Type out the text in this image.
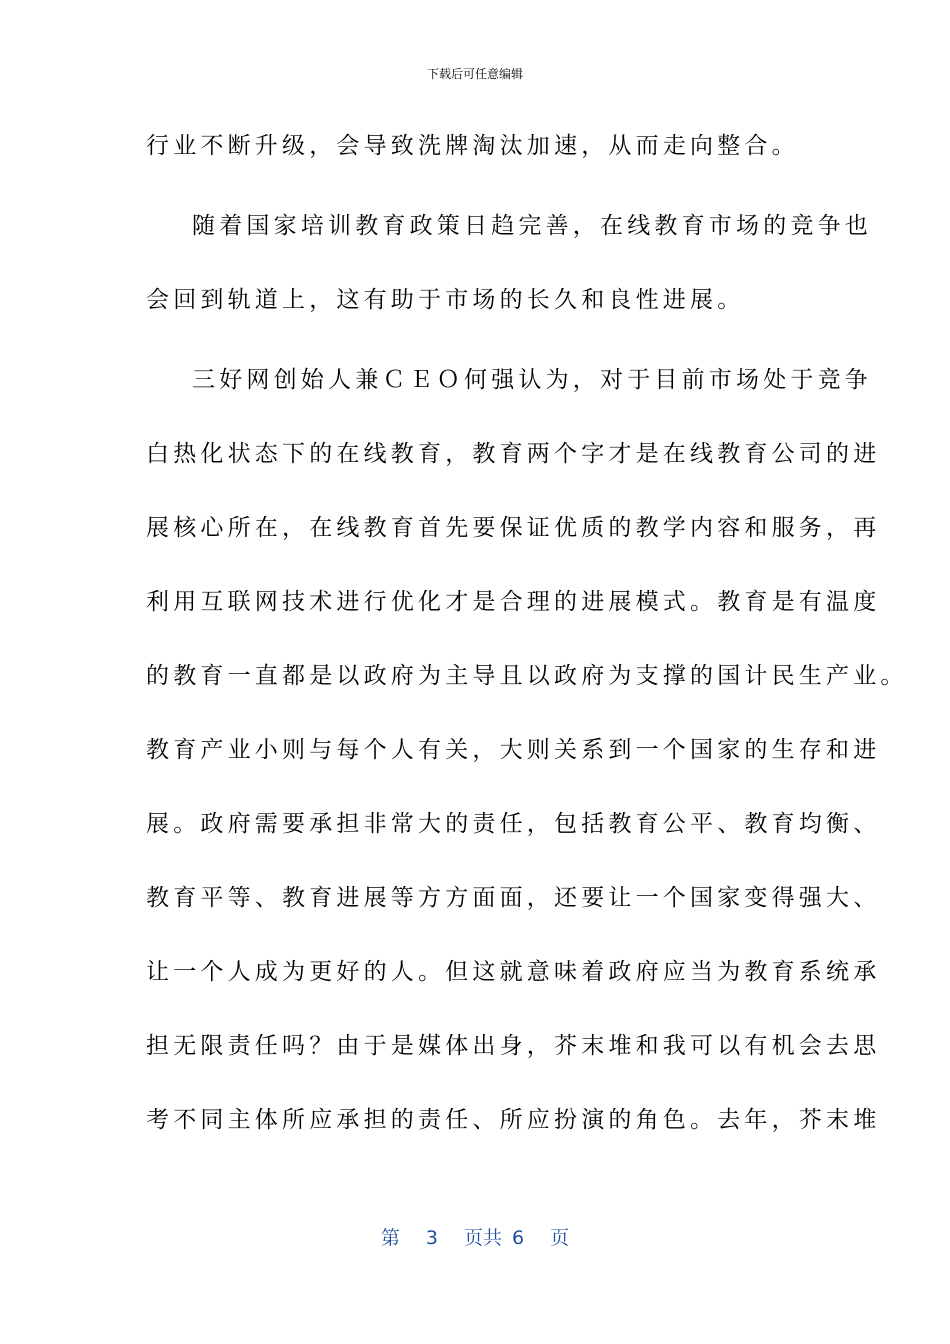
下载后可任意编辑
行业不断升级，会导致洗牌淘汰加速，从而走向整合。
随着国家培训教育政策日趋完善，在线教育市场的竞争也
会回到轨道上，这有助于市场的长久和良性进展。
三好网创始人兼ＣＥＯ何强认为，对于目前市场处于竞争
白热化状态下的在线教育，教育两个字才是在线教育公司的进
展核心所在，在线教育首先要保证优质的教学内容和服务，再
利用互联网技术进行优化才是合理的进展模式。教育是有温度
的教育一直都是以政府为主导且以政府为支撑的国计民生产业。
教育产业小则与每个人有关，大则关系到一个国家的生存和进
展。政府需要承担非常大的责任，包括教育公平、教育均衡、
教育平等、教育进展等方方面面，还要让一个国家变得强大、
让一个人成为更好的人。但这就意味着政府应当为教育系统承
担无限责任吗？由于是媒体出身，芥末堆和我可以有机会去思
考不同主体所应承担的责任、所应扮演的角色。去年，芥末堆
第 3 页共 6 页
